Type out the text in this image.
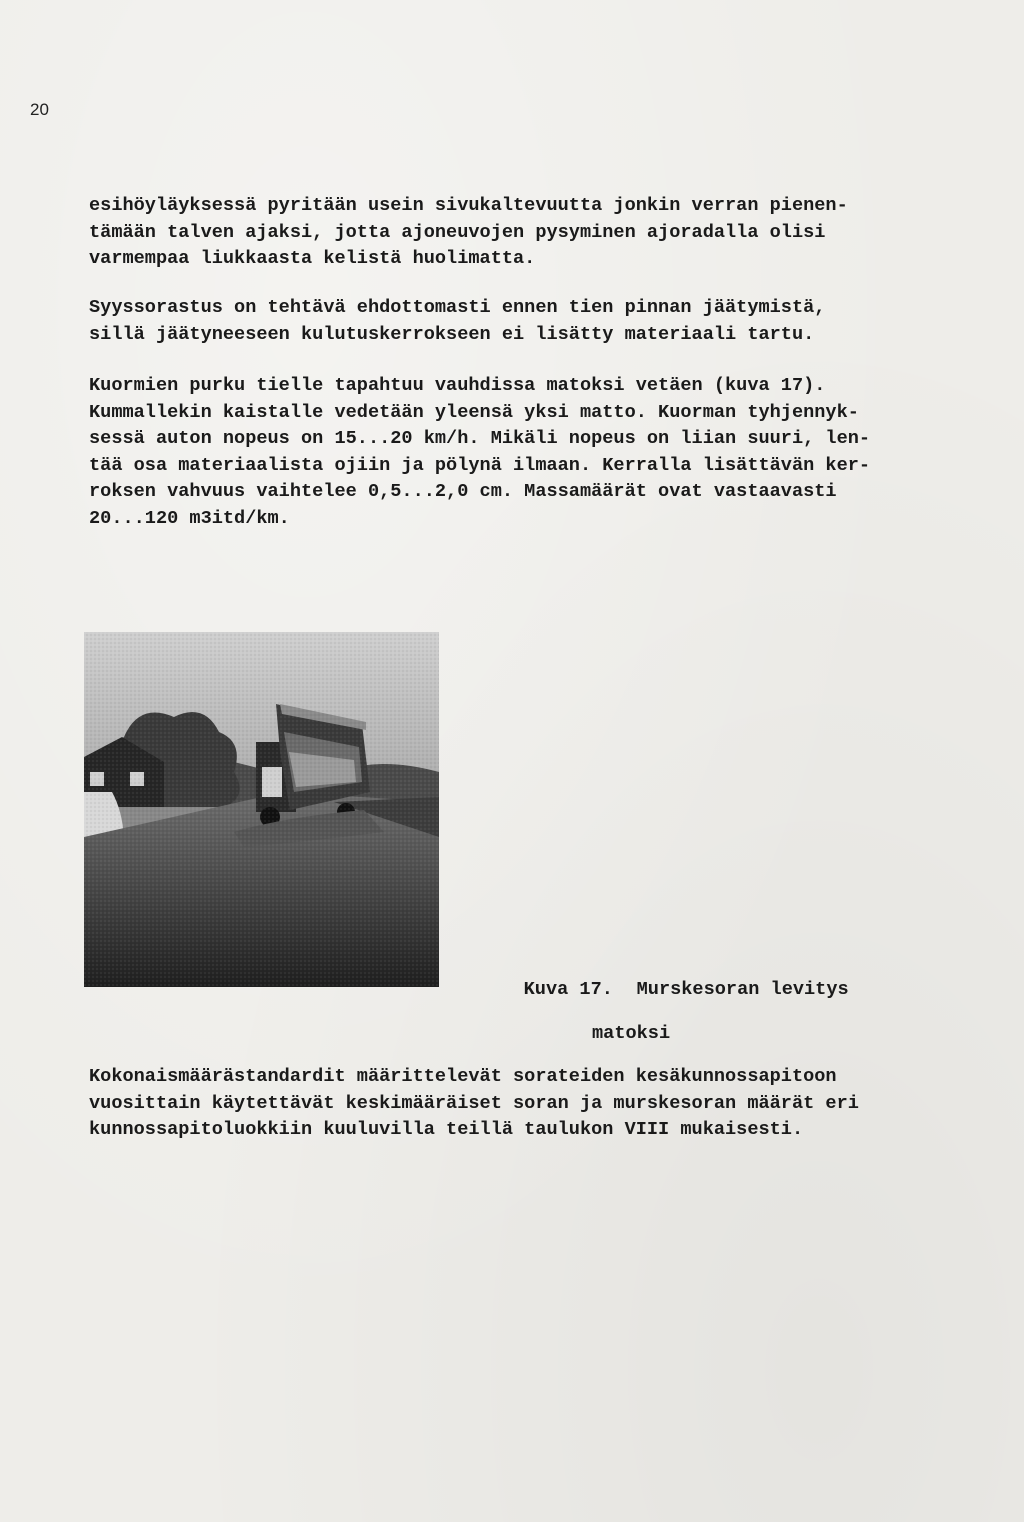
20
esihöyläyksessä pyritään usein sivukaltevuutta jonkin verran pienen-
tämään talven ajaksi, jotta ajoneuvojen pysyminen ajoradalla olisi
varmempaa liukkaasta kelistä huolimatta.
Syyssorastus on tehtävä ehdottomasti ennen tien pinnan jäätymistä,
sillä jäätyneeseen kulutuskerrokseen ei lisätty materiaali tartu.
Kuormien purku tielle tapahtuu vauhdissa matoksi vetäen (kuva 17).
Kummallekin kaistalle vedetään yleensä yksi matto. Kuorman tyhjennyk-
sessä auton nopeus on 15...20 km/h. Mikäli nopeus on liian suuri, len-
tää osa materiaalista ojiin ja pölynä ilmaan. Kerralla lisättävän ker-
roksen vahvuus vaihtelee 0,5...2,0 cm. Massamäärät ovat vastaavasti
20...120 m3itd/km.

Kuva 17. Murskesoran levitys

matoksi

Kokonaismäärästandardit määrittelevät sorateiden kesäkunnossapitoon
vuosittain käytettävät keskimääräiset soran ja murskesoran määrät eri
kunnossapitoluokkiin kuuluvilla teillä taulukon VIII mukaisesti.
